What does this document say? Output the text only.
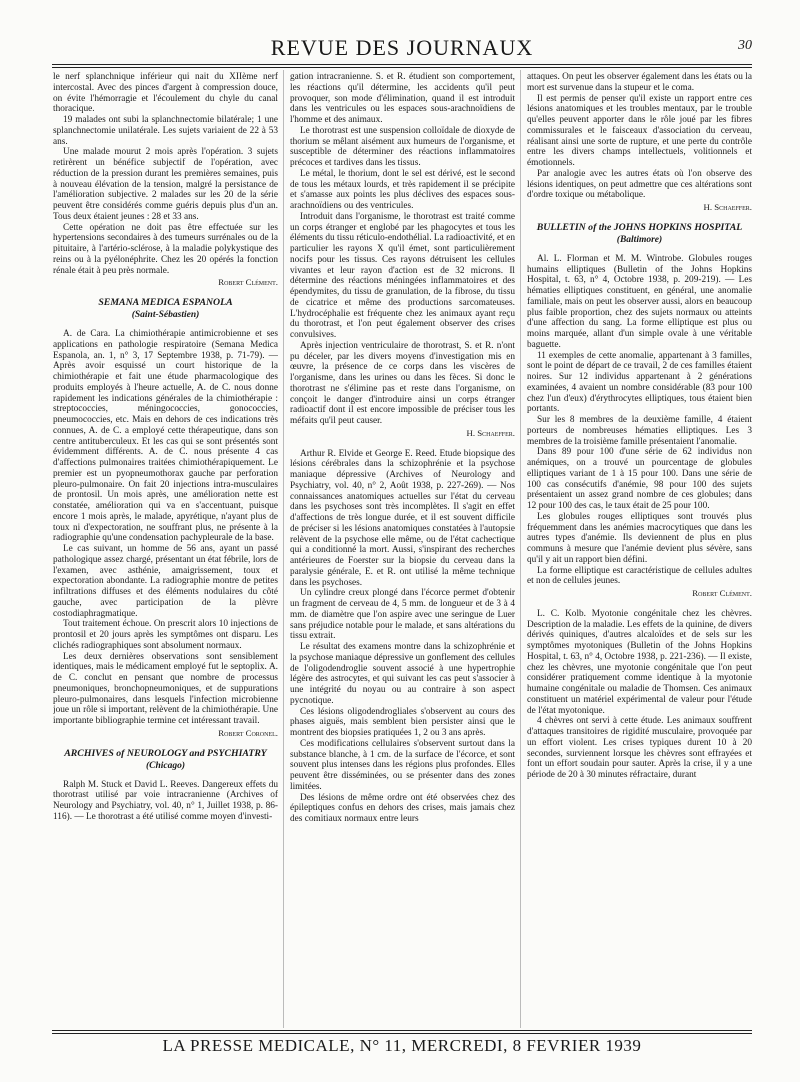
REVUE DES JOURNAUX	30

le nerf splanchnique inférieur qui nait du XIIème nerf intercostal. Avec des pinces d'argent à compression douce, on évite l'hémorragie et l'écoulement du chyle du canal thoracique.

19 malades ont subi la splanchnectomie bilatérale; 1 une splanchnectomie unilatérale. Les sujets variaient de 22 à 53 ans.

Une malade mourut 2 mois après l'opération. 3 sujets retirèrent un bénéfice subjectif de l'opération, avec réduction de la pression durant les premières semaines, puis à nouveau élévation de la tension, malgré la persistance de l'amélioration subjective. 2 malades sur les 20 de la série peuvent être considérés comme guéris depuis plus d'un an. Tous deux étaient jeunes : 28 et 33 ans.

Cette opération ne doit pas être effectuée sur les hypertensions secondaires à des tumeurs surrénales ou de la pituitaire, à l'artério-sclérose, à la maladie polykystique des reins ou à la pyélonéphrite. Chez les 20 opérés la fonction rénale était à peu près normale.

Robert Clément.
SEMANA MEDICA ESPANOLA
(Saint-Sébastien)

A. de Cara. La chimiothérapie antimicrobienne et ses applications en pathologie respiratoire (Semana Medica Espanola, an. 1, n° 3, 17 Septembre 1938, p. 71-79). — Après avoir esquissé un court historique de la chimiothérapie et fait une étude pharmacologique des produits employés à l'heure actuelle, A. de C. nous donne rapidement les indications générales de la chimiothérapie : streptococcies, méningococcies, gonococcies, pneumococcies, etc. Mais en dehors de ces indications très connues, A. de C. a employé cette thérapeutique, dans son centre antituberculeux. Et les cas qui se sont présentés sont évidemment différents. A. de C. nous présente 4 cas d'affections pulmonaires traitées chimiothérapiquement. Le premier est un pyopneumothorax gauche par perforation pleuro-pulmonaire. On fait 20 injections intra-musculaires de prontosil. Un mois après, une amélioration nette est constatée, amélioration qui va en s'accentuant, puisque encore 1 mois après, le malade, apyrétique, n'ayant plus de toux ni d'expectoration, ne souffrant plus, ne présente à la radiographie qu'une condensation pachypleurale de la base.

Le cas suivant, un homme de 56 ans, ayant un passé pathologique assez chargé, présentant un état fébrile, lors de l'examen, avec asthénie, amaigrissement, toux et expectoration abondante. La radiographie montre de petites infiltrations diffuses et des éléments nodulaires du côté gauche, avec participation de la plèvre costodiaphragmatique.

Tout traitement échoue. On prescrit alors 10 injections de prontosil et 20 jours après les symptômes ont disparu. Les clichés radiographiques sont absolument normaux.

Les deux dernières observations sont sensiblement identiques, mais le médicament employé fut le septoplix. A. de C. conclut en pensant que nombre de processus pneumoniques, bronchopneumoniques, et de suppurations pleuro-pulmonaires, dans lesquels l'infection microbienne joue un rôle si important, relèvent de la chimiothérapie. Une importante bibliographie termine cet intéressant travail.

Robert Coronel.
ARCHIVES of NEUROLOGY and PSYCHIATRY
(Chicago)

Ralph M. Stuck et David L. Reeves. Dangereux effets du thorotrast utilisé par voie intracranienne (Archives of Neurology and Psychiatry, vol. 40, n° 1, Juillet 1938, p. 86-116). — Le thorotrast a été utilisé comme moyen d'investi-

gation intracranienne. S. et R. étudient son comportement, les réactions qu'il détermine, les accidents qu'il peut provoquer, son mode d'élimination, quand il est introduit dans les ventricules ou les espaces sous-arachnoïdiens de l'homme et des animaux.

Le thorotrast est une suspension colloïdale de dioxyde de thorium se mêlant aisément aux humeurs de l'organisme, et susceptible de déterminer des réactions inflammatoires précoces et tardives dans les tissus.

Le métal, le thorium, dont le sel est dérivé, est le second de tous les métaux lourds, et très rapidement il se précipite et s'amasse aux points les plus déclives des espaces sous-arachnoïdiens ou des ventricules.

Introduit dans l'organisme, le thorotrast est traité comme un corps étranger et englobé par les phagocytes et tous les éléments du tissu réticulo-endothélial. La radioactivité, et en particulier les rayons X qu'il émet, sont particulièrement nocifs pour les tissus. Ces rayons détruisent les cellules vivantes et leur rayon d'action est de 32 microns. Il détermine des réactions méningées inflammatoires et des épendymites, du tissu de granulation, de la fibrose, du tissu de cicatrice et même des productions sarcomateuses. L'hydrocéphalie est fréquente chez les animaux ayant reçu du thorotrast, et l'on peut également observer des crises convulsives.

Après injection ventriculaire de thorotrast, S. et R. n'ont pu déceler, par les divers moyens d'investigation mis en œuvre, la présence de ce corps dans les viscères de l'organisme, dans les urines ou dans les fèces. Si donc le thorotrast ne s'élimine pas et reste dans l'organisme, on conçoit le danger d'introduire ainsi un corps étranger radioactif dont il est encore impossible de préciser tous les méfaits qu'il peut causer.

H. Schaeffer.

Arthur R. Elvide et George E. Reed. Etude biopsique des lésions cérébrales dans la schizophrénie et la psychose maniaque dépressive (Archives of Neurology and Psychiatry, vol. 40, n° 2, Août 1938, p. 227-269). — Nos connaissances anatomiques actuelles sur l'état du cerveau dans les psychoses sont très incomplètes. Il s'agit en effet d'affections de très longue durée, et il est souvent difficile de préciser si les lésions anatomiques constatées à l'autopsie relèvent de la psychose elle même, ou de l'état cachectique qui a conditionné la mort. Aussi, s'inspirant des recherches antérieures de Foerster sur la biopsie du cerveau dans la paralysie générale, E. et R. ont utilisé la même technique dans les psychoses.

Un cylindre creux plongé dans l'écorce permet d'obtenir un fragment de cerveau de 4, 5 mm. de longueur et de 3 à 4 mm. de diamètre que l'on aspire avec une seringue de Luer sans préjudice notable pour le malade, et sans altérations du tissu extrait.

Le résultat des examens montre dans la schizophrénie et la psychose maniaque dépressive un gonflement des cellules de l'oligodendroglie souvent associé à une hypertrophie légère des astrocytes, et qui suivant les cas peut s'associer à une intégrité du noyau ou au contraire à son aspect pycnotique.

Ces lésions oligodendrogliales s'observent au cours des phases aiguës, mais semblent bien persister ainsi que le montrent des biopsies pratiquées 1, 2 ou 3 ans après.

Ces modifications cellulaires s'observent surtout dans la substance blanche, à 1 cm. de la surface de l'écorce, et sont souvent plus intenses dans les régions plus profondes. Elles peuvent être disséminées, ou se présenter dans des zones limitées.

Des lésions de même ordre ont été observées chez des épileptiques confus en dehors des crises, mais jamais chez des comitiaux normaux entre leurs

attaques. On peut les observer également dans les états ou la mort est survenue dans la stupeur et le coma.

Il est permis de penser qu'il existe un rapport entre ces lésions anatomiques et les troubles mentaux, par le trouble qu'elles peuvent apporter dans le rôle joué par les fibres commissurales et le faisceaux d'association du cerveau, réalisant ainsi une sorte de rupture, et une perte du contrôle entre les divers champs intellectuels, volitionnels et émotionnels.

Par analogie avec les autres états où l'on observe des lésions identiques, on peut admettre que ces altérations sont d'ordre toxique ou métabolique.

H. Schaeffer.
BULLETIN of the JOHNS HOPKINS HOSPITAL
(Baltimore)

Al. L. Florman et M. M. Wintrobe. Globules rouges humains elliptiques (Bulletin of the Johns Hopkins Hospital, t. 63, n° 4, Octobre 1938, p. 209-219). — Les hématies elliptiques constituent, en général, une anomalie familiale, mais on peut les observer aussi, alors en beaucoup plus faible proportion, chez des sujets normaux ou atteints d'une affection du sang. La forme elliptique est plus ou moins marquée, allant d'un simple ovale à une véritable baguette.

11 exemples de cette anomalie, appartenant à 3 familles, sont le point de départ de ce travail, 2 de ces familles étaient noires. Sur 12 individus appartenant à 2 générations examinées, 4 avaient un nombre considérable (83 pour 100 chez l'un d'eux) d'érythrocytes elliptiques, tous étaient bien portants.

Sur les 8 membres de la deuxième famille, 4 étaient porteurs de nombreuses hématies elliptiques. Les 3 membres de la troisième famille présentaient l'anomalie.

Dans 89 pour 100 d'une série de 62 individus non anémiques, on a trouvé un pourcentage de globules elliptiques variant de 1 à 15 pour 100. Dans une série de 100 cas consécutifs d'anémie, 98 pour 100 des sujets présentaient un assez grand nombre de ces globules; dans 12 pour 100 des cas, le taux était de 25 pour 100.

Les globules rouges elliptiques sont trouvés plus fréquemment dans les anémies macrocytiques que dans les autres types d'anémie. Ils deviennent de plus en plus communs à mesure que l'anémie devient plus sévère, sans qu'il y ait un rapport bien défini.

La forme elliptique est caractéristique de cellules adultes et non de cellules jeunes.

Robert Clément.

L. C. Kolb. Myotonie congénitale chez les chèvres. Description de la maladie. Les effets de la quinine, de divers dérivés quiniques, d'autres alcaloïdes et de sels sur les symptômes myotoniques (Bulletin of the Johns Hopkins Hospital, t. 63, n° 4, Octobre 1938, p. 221-236). — Il existe, chez les chèvres, une myotonie congénitale que l'on peut considérer pratiquement comme identique à la myotonie humaine congénitale ou maladie de Thomsen. Ces animaux constituent un matériel expérimental de valeur pour l'étude de l'état myotonique.

4 chèvres ont servi à cette étude. Les animaux souffrent d'attaques transitoires de rigidité musculaire, provoquée par un effort violent. Les crises typiques durent 10 à 20 secondes, surviennent lorsque les chèvres sont effrayées et font un effort soudain pour sauter. Après la crise, il y a une période de 20 à 30 minutes réfractaire, durant

LA PRESSE MEDICALE, N° 11, MERCREDI, 8 FEVRIER 1939
